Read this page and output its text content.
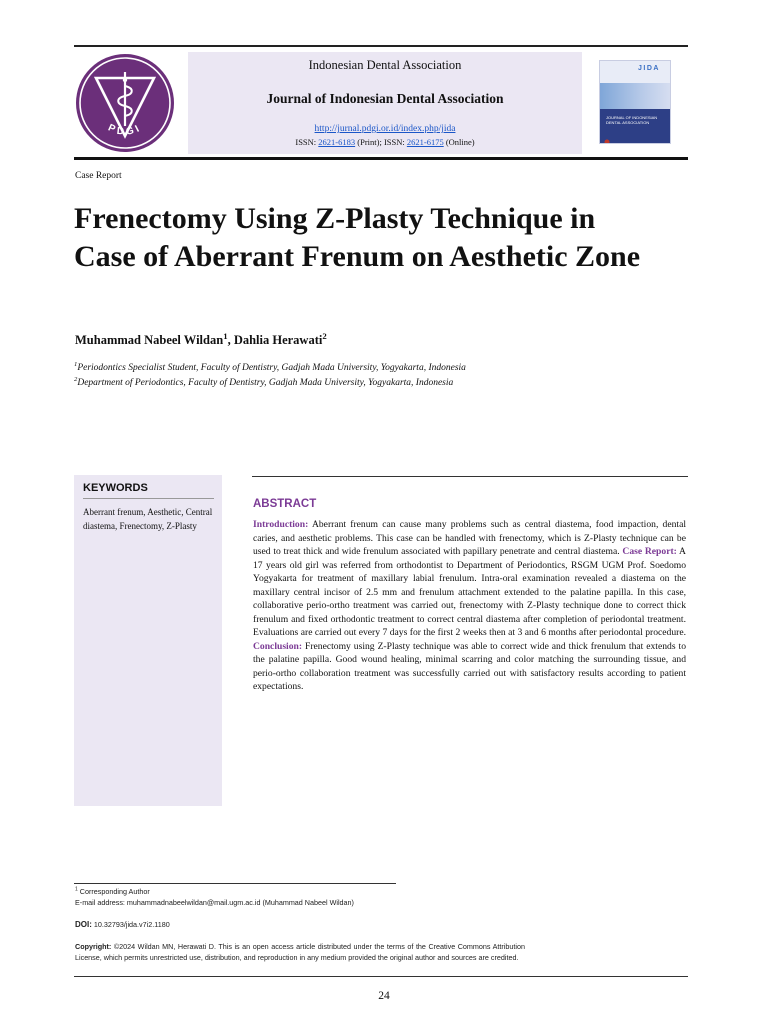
PDGI
Indonesian Dental Association
Journal of Indonesian Dental Association
http://jurnal.pdgi.or.id/index.php/jida
ISSN: 2621-6183 (Print); ISSN: 2621-6175 (Online)
JIDA
JOURNAL OF INDONESIAN DENTAL ASSOCIATION
Case Report
Frenectomy Using Z-Plasty Technique in Case of Aberrant Frenum on Aesthetic Zone
Muhammad Nabeel Wildan$^1$, Dahlia Herawati$^2$
$^1$Periodontics Specialist Student, Faculty of Dentistry, Gadjah Mada University, Yogyakarta, Indonesia
$^2$Department of Periodontics, Faculty of Dentistry, Gadjah Mada University, Yogyakarta, Indonesia
KEYWORDS
Aberrant frenum, Aesthetic, Central diastema, Frenectomy, Z-Plasty
ABSTRACT

Introduction: Aberrant frenum can cause many problems such as central diastema, food impaction, dental caries, and aesthetic problems. This case can be handled with frenectomy, which is Z-Plasty technique can be used to treat thick and wide frenulum associated with papillary penetrate and central diastema. Case Report: A 17 years old girl was referred from orthodontist to Department of Periodontics, RSGM UGM Prof. Soedomo Yogyakarta for treatment of maxillary labial frenulum. Intra-oral examination revealed a diastema on the maxillary central incisor of 2.5 mm and frenulum attachment extended to the palatine papilla. In this case, collaborative perio-ortho treatment was carried out, frenectomy with Z-Plasty technique done to correct thick frenulum and fixed orthodontic treatment to correct central diastema after completion of periodontal treatment. Evaluations are carried out every 7 days for the first 2 weeks then at 3 and 6 months after periodontal procedure. Conclusion: Frenectomy using Z-Plasty technique was able to correct wide and thick frenulum that extends to the palatine papilla. Good wound healing, minimal scarring and color matching the surrounding tissue, and perio-ortho collaboration treatment was successfully carried out with satisfactory results according to patient expectations.

$^1$ Corresponding Author
E-mail address: muhammadnabeelwildan@mail.ugm.ac.id (Muhammad Nabeel Wildan)
DOI: 10.32793/jida.v7i2.1180
Copyright: ©2024 Wildan MN, Herawati D. This is an open access article distributed under the terms of the Creative Commons Attribution License, which permits unrestricted use, distribution, and reproduction in any medium provided the original author and sources are credited.
24
